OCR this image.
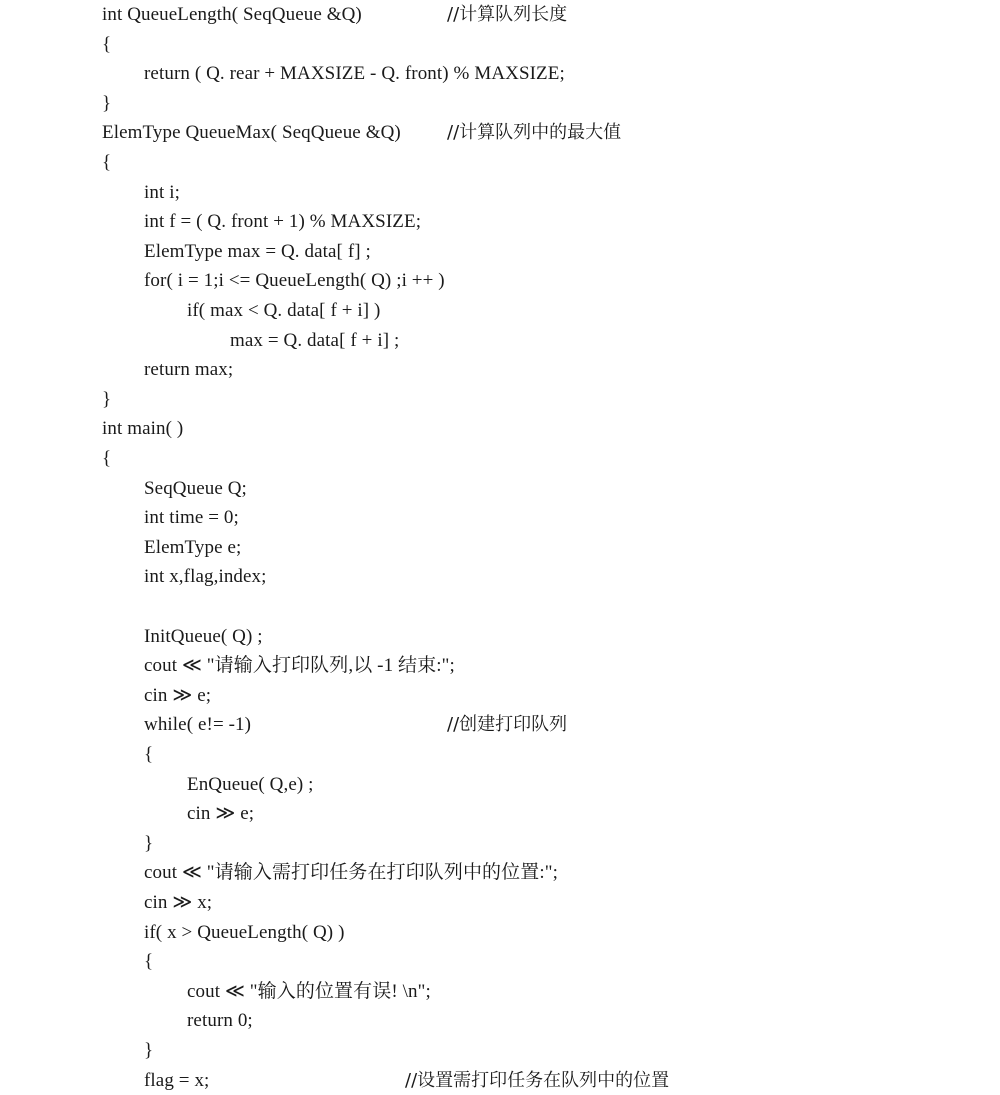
int QueueLength( SeqQueue &Q)	//计算队列长度
{
return ( Q. rear + MAXSIZE - Q. front) % MAXSIZE;
}
ElemType QueueMax( SeqQueue &Q)	//计算队列中的最大值
{
int i;
int f = ( Q. front + 1) % MAXSIZE;
ElemType max = Q. data[ f] ;
for( i = 1;i <= QueueLength( Q) ;i ++ )
if( max < Q. data[ f + i] )
max = Q. data[ f + i] ;
return max;
}
int main( )
{
SeqQueue Q;
int time = 0;
ElemType e;
int x,flag,index;
InitQueue( Q) ;
cout ≪ "请输入打印队列,以 -1 结束:";
cin ≫ e;
while( e!= -1)	//创建打印队列
{
EnQueue( Q,e) ;
cin ≫ e;
}
cout ≪ "请输入需打印任务在打印队列中的位置:";
cin ≫ x;
if( x > QueueLength( Q) )
{
cout ≪ "输入的位置有误! \n";
return 0;
}
flag = x;	//设置需打印任务在队列中的位置
